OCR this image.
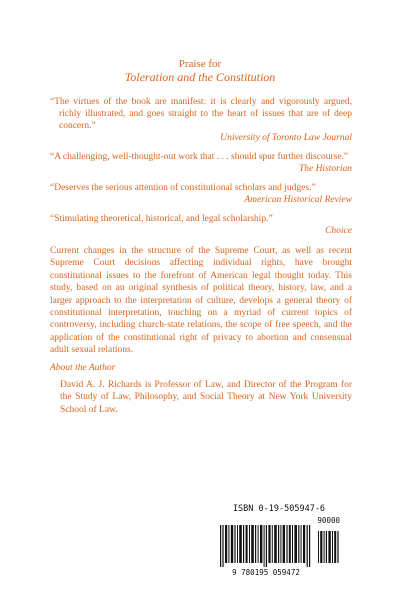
Praise for
Toleration and the Constitution
“The virtues of the book are manifest: it is clearly and vigorously argued, richly illustrated, and goes straight to the heart of issues that are of deep concern.”
University of Toronto Law Journal
“A challenging, well-thought-out work that . . . should spur further discourse.”
The Historian
“Deserves the serious attention of constitutional scholars and judges.”
American Historical Review
“Stimulating theoretical, historical, and legal scholarship.”
Choice
Current changes in the structure of the Supreme Court, as well as recent Supreme Court decisions affecting individual rights, have brought constitutional issues to the forefront of American legal thought today. This study, based on an original synthesis of political theory, history, law, and a larger approach to the interpretation of culture, develops a general theory of constitutional interpretation, touching on a myriad of current topics of controversy, including church-state relations, the scope of free speech, and the application of the constitutional right of privacy to abortion and consensual adult sexual relations.
About the Author
David A. J. Richards is Professor of Law, and Director of the Program for the Study of Law, Philosophy, and Social Theory at New York University School of Law.
ISBN 0-19-505947-6
90000
9 780195 059472
